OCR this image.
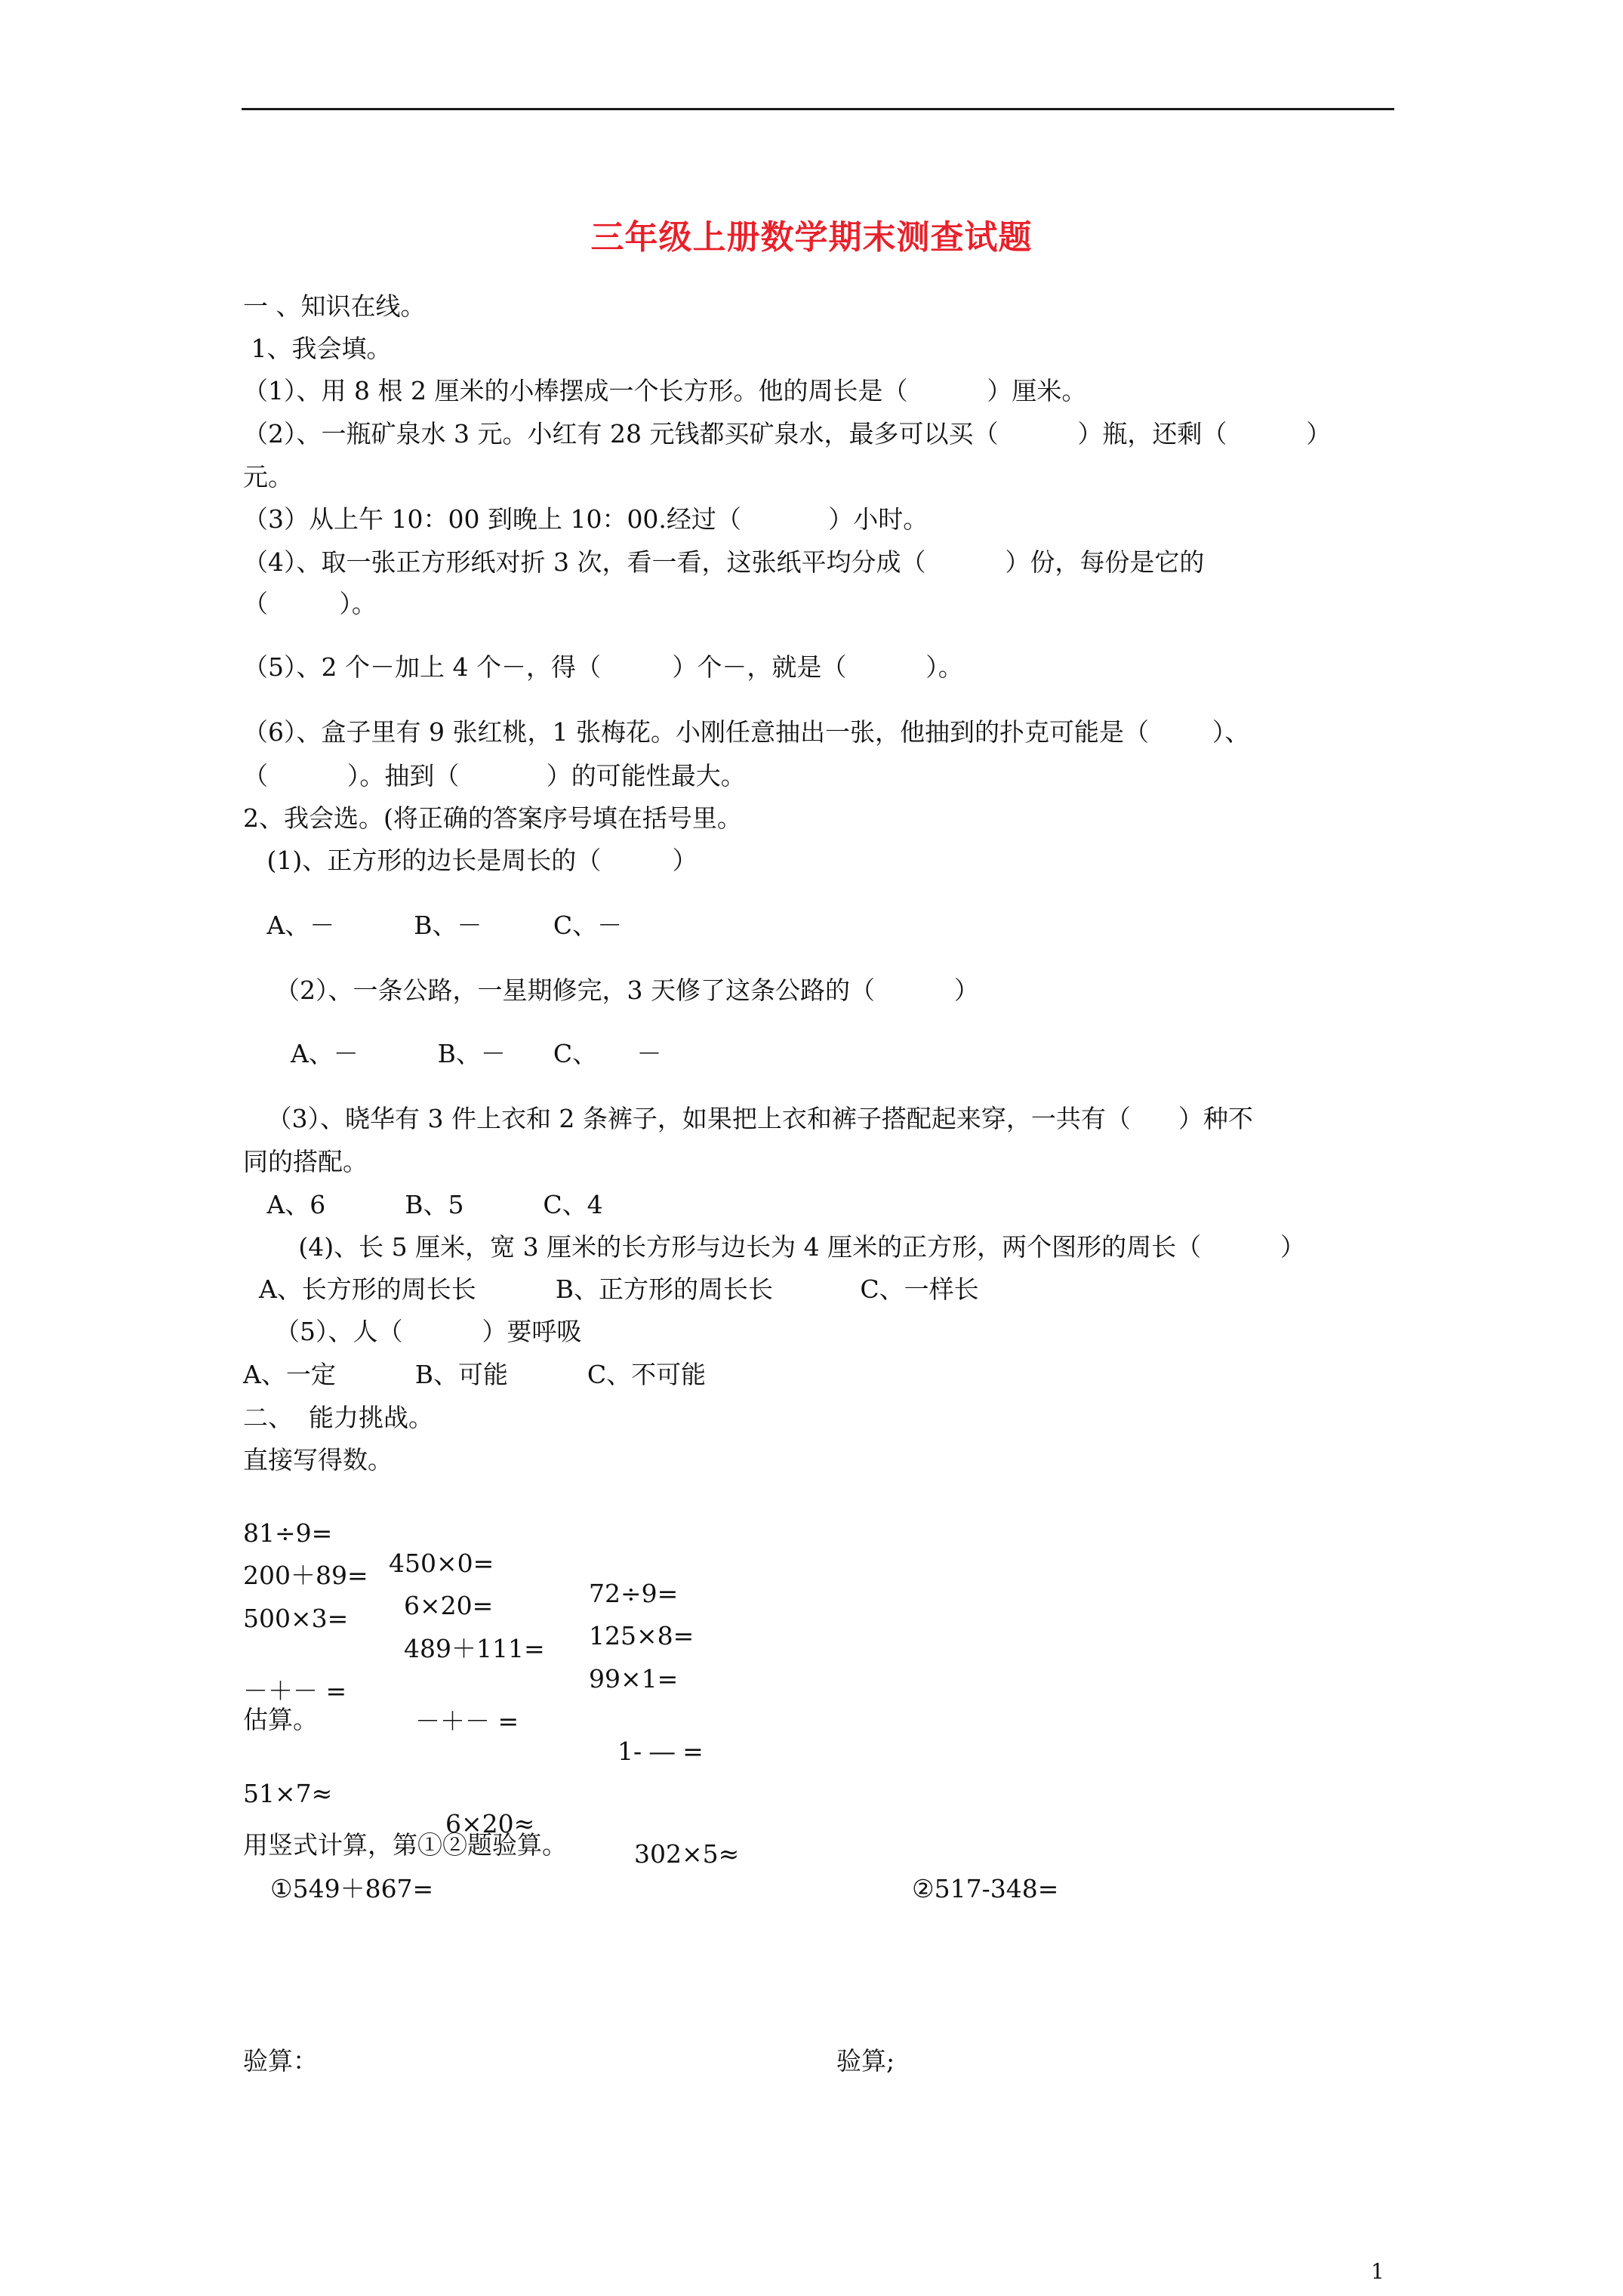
三年级上册数学期末测查试题
一 、知识在线。
1、我会填。
（1）、用 8 根 2 厘米的小棒摆成一个长方形。他的周长是（          ）厘米。
（2）、一瓶矿泉水 3 元。小红有 28 元钱都买矿泉水，最多可以买（          ）瓶，还剩（          ）
元。
（3）从上午 10：00 到晚上 10：00.经过（           ）小时。
（4）、取一张正方形纸对折 3 次，看一看，这张纸平均分成（          ）份，每份是它的
（         ）。
（5）、2 个－加上 4 个－，得（         ）个－，就是（          ）。
（6）、盒子里有 9 张红桃，1 张梅花。小刚任意抽出一张，他抽到的扑克可能是（        ）、
（          ）。抽到（           ）的可能性最大。
2、我会选。(将正确的答案序号填在括号里。
(1)、正方形的边长是周长的（         ）
A、－          B、－         C、－
（2）、一条公路，一星期修完，3 天修了这条公路的（          ）
A、－          B、－      C、     －
（3）、晓华有 3 件上衣和 2 条裤子，如果把上衣和裤子搭配起来穿，一共有（      ）种不
同的搭配。
A、6          B、5          C、4
(4)、长 5 厘米，宽 3 厘米的长方形与边长为 4 厘米的正方形，两个图形的周长（          ）
A、长方形的周长长          B、正方形的周长长           C、一样长
（5）、人（          ）要呼吸
A、一定          B、可能          C、不可能
二、  能力挑战。
直接写得数。

81÷9=

450×0=

72÷9=

200＋89=

6×20=

125×8=

500×3=

489＋111=

99×1=

－＋－ =

－＋－ =

1- ― =

估算。

51×7≈

6×20≈

302×5≈

用竖式计算，第①②题验算。
①549＋867=	②517-348=
验算：	验算;
1
